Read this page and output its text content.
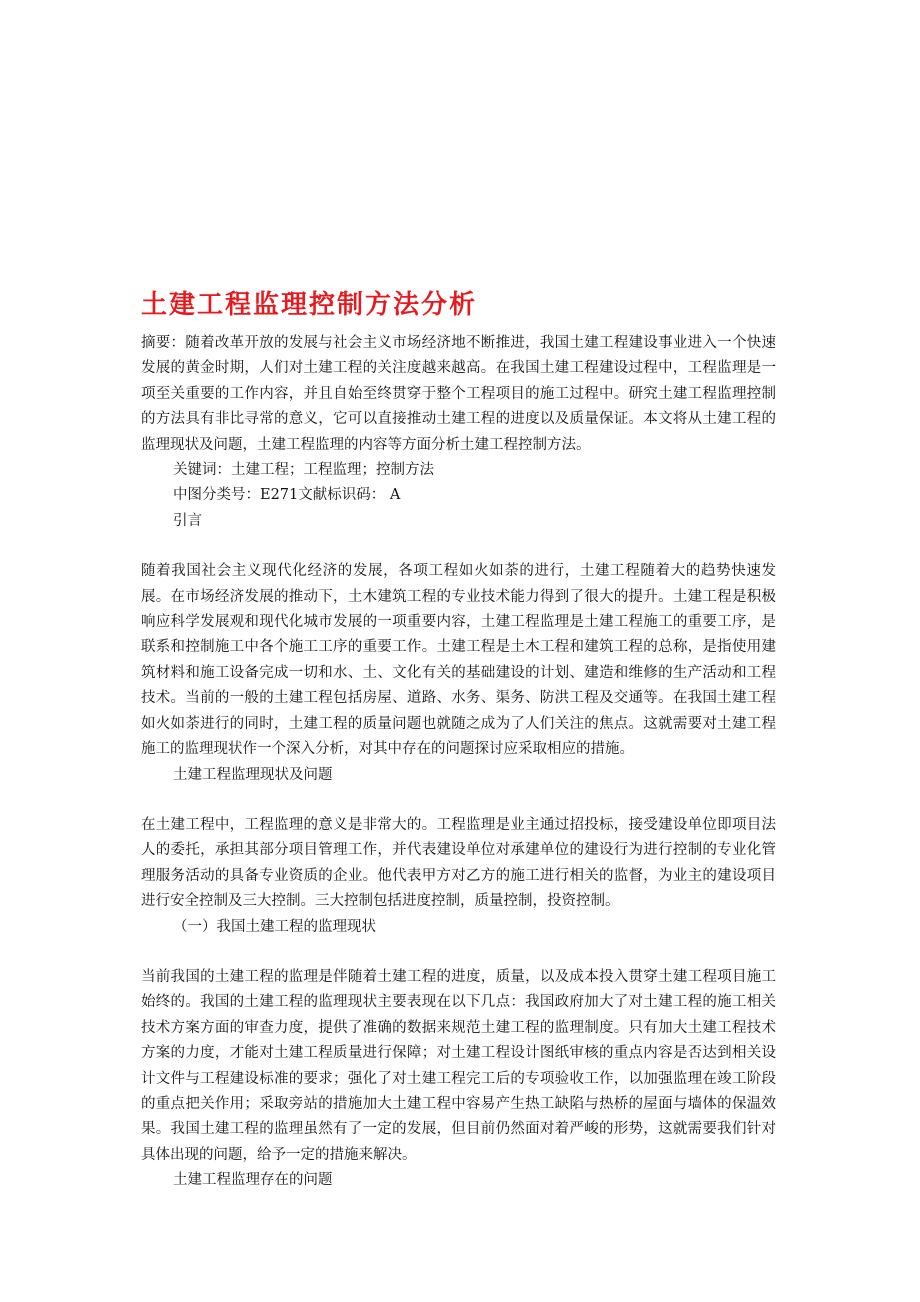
土建工程监理控制方法分析

摘要：随着改革开放的发展与社会主义市场经济地不断推进，我国土建工程建设事业进入一个快速发展的黄金时期，人们对土建工程的关注度越来越高。在我国土建工程建设过程中，工程监理是一项至关重要的工作内容，并且自始至终贯穿于整个工程项目的施工过程中。研究土建工程监理控制的方法具有非比寻常的意义，它可以直接推动土建工程的进度以及质量保证。本文将从土建工程的监理现状及问题，土建工程监理的内容等方面分析土建工程控制方法。

关键词：土建工程；工程监理；控制方法

中图分类号：E271文献标识码： A

引言

随着我国社会主义现代化经济的发展，各项工程如火如荼的进行，土建工程随着大的趋势快速发展。在市场经济发展的推动下，土木建筑工程的专业技术能力得到了很大的提升。土建工程是积极响应科学发展观和现代化城市发展的一项重要内容，土建工程监理是土建工程施工的重要工序，是联系和控制施工中各个施工工序的重要工作。土建工程是土木工程和建筑工程的总称，是指使用建筑材料和施工设备完成一切和水、土、文化有关的基础建设的计划、建造和维修的生产活动和工程技术。当前的一般的土建工程包括房屋、道路、水务、渠务、防洪工程及交通等。在我国土建工程如火如荼进行的同时，土建工程的质量问题也就随之成为了人们关注的焦点。这就需要对土建工程施工的监理现状作一个深入分析，对其中存在的问题探讨应采取相应的措施。

土建工程监理现状及问题

在土建工程中，工程监理的意义是非常大的。工程监理是业主通过招投标，接受建设单位即项目法人的委托，承担其部分项目管理工作，并代表建设单位对承建单位的建设行为进行控制的专业化管理服务活动的具备专业资质的企业。他代表甲方对乙方的施工进行相关的监督，为业主的建设项目进行安全控制及三大控制。三大控制包括进度控制，质量控制，投资控制。

（一）我国土建工程的监理现状

当前我国的土建工程的监理是伴随着土建工程的进度，质量，以及成本投入贯穿土建工程项目施工始终的。我国的土建工程的监理现状主要表现在以下几点：我国政府加大了对土建工程的施工相关技术方案方面的审查力度，提供了准确的数据来规范土建工程的监理制度。只有加大土建工程技术方案的力度，才能对土建工程质量进行保障；对土建工程设计图纸审核的重点内容是否达到相关设计文件与工程建设标准的要求；强化了对土建工程完工后的专项验收工作，以加强监理在竣工阶段的重点把关作用；采取旁站的措施加大土建工程中容易产生热工缺陷与热桥的屋面与墙体的保温效果。我国土建工程的监理虽然有了一定的发展，但目前仍然面对着严峻的形势，这就需要我们针对具体出现的问题，给予一定的措施来解决。

土建工程监理存在的问题
